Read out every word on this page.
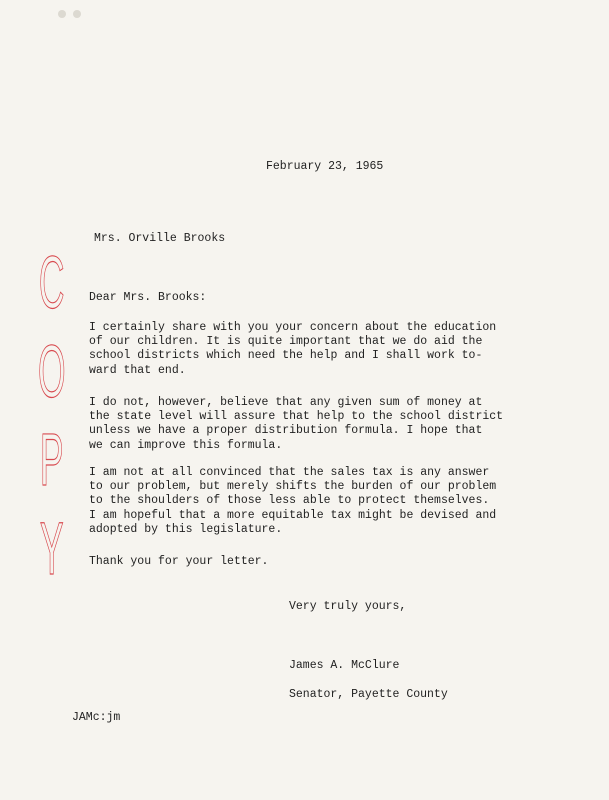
C
O
P
Y
February 23, 1965
Mrs. Orville Brooks
Dear Mrs. Brooks:
I certainly share with you your concern about the education
of our children. It is quite important that we do aid the
school districts which need the help and I shall work to-
ward that end.
I do not, however, believe that any given sum of money at
the state level will assure that help to the school district
unless we have a proper distribution formula. I hope that
we can improve this formula.
I am not at all convinced that the sales tax is any answer
to our problem, but merely shifts the burden of our problem
to the shoulders of those less able to protect themselves.
I am hopeful that a more equitable tax might be devised and
adopted by this legislature.
Thank you for your letter.
Very truly yours,

James A. McClure

Senator, Payette County

JAMc:jm
